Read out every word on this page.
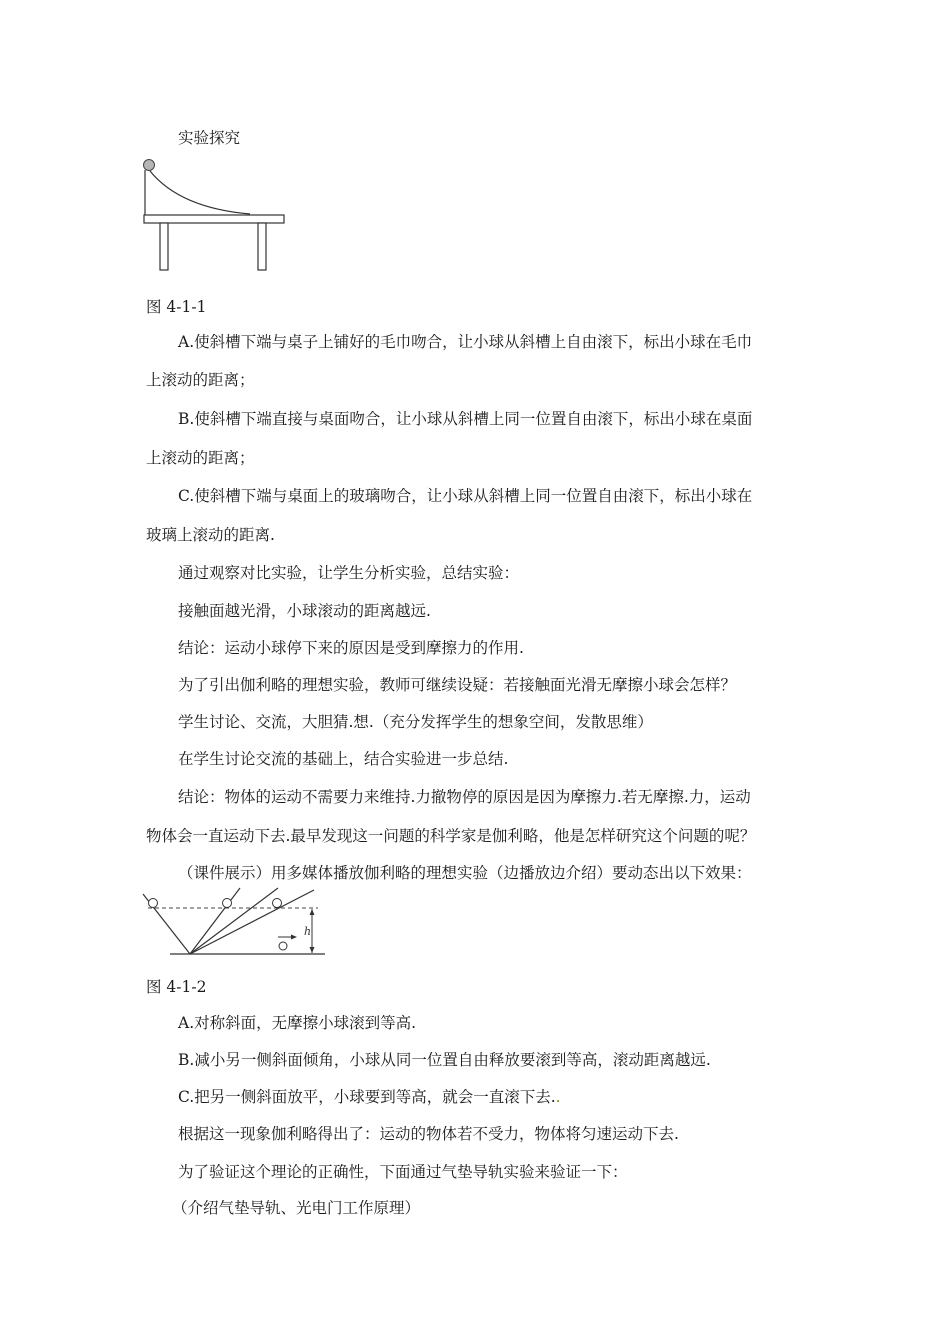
实验探究
图 4-1-1
A.使斜槽下端与桌子上铺好的毛巾吻合，让小球从斜槽上自由滚下，标出小球在毛巾
上滚动的距离；
B.使斜槽下端直接与桌面吻合，让小球从斜槽上同一位置自由滚下，标出小球在桌面
上滚动的距离；
C.使斜槽下端与桌面上的玻璃吻合，让小球从斜槽上同一位置自由滚下，标出小球在
玻璃上滚动的距离.
通过观察对比实验，让学生分析实验，总结实验：
接触面越光滑，小球滚动的距离越远.
结论：运动小球停下来的原因是受到摩擦力的作用.
为了引出伽利略的理想实验，教师可继续设疑：若接触面光滑无摩擦小球会怎样？
学生讨论、交流，大胆猜.想.（充分发挥学生的想象空间，发散思维）
在学生讨论交流的基础上，结合实验进一步总结.
结论：物体的运动不需要力来维持.力撤物停的原因是因为摩擦力.若无摩擦.力，运动
物体会一直运动下去.最早发现这一问题的科学家是伽利略，他是怎样研究这个问题的呢？
（课件展示）用多媒体播放伽利略的理想实验（边播放边介绍）要动态出以下效果：
h
图 4-1-2
A.对称斜面，无摩擦小球滚到等高.
B.减小另一侧斜面倾角，小球从同一位置自由释放要滚到等高，滚动距离越远.
C.把另一侧斜面放平，小球要到等高，就会一直滚下去..
根据这一现象伽利略得出了：运动的物体若不受力，物体将匀速运动下去.
为了验证这个理论的正确性，下面通过气垫导轨实验来验证一下：
（介绍气垫导轨、光电门工作原理）
